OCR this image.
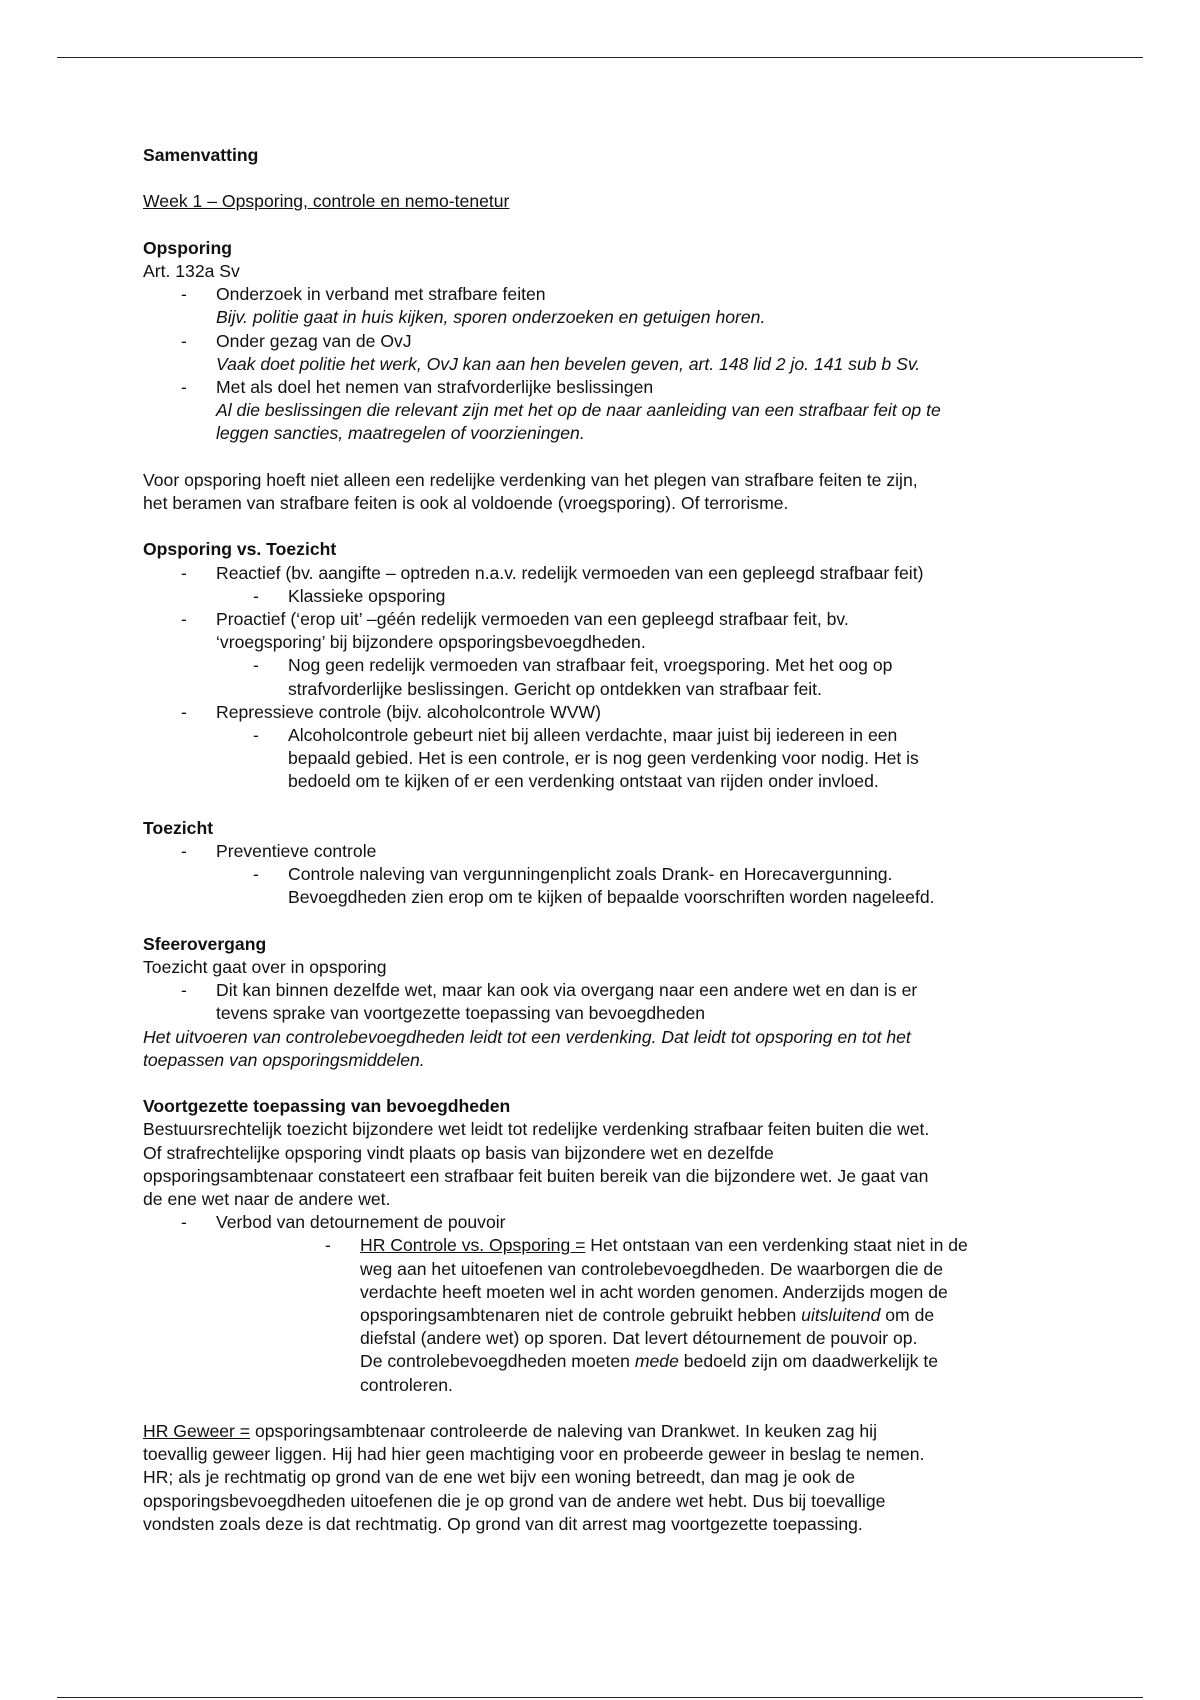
Samenvatting

Week 1 – Opsporing, controle en nemo-tenetur

Opsporing

Art. 132a Sv

- Onderzoek in verband met strafbare feiten

Bijv. politie gaat in huis kijken, sporen onderzoeken en getuigen horen.

- Onder gezag van de OvJ

Vaak doet politie het werk, OvJ kan aan hen bevelen geven, art. 148 lid 2 jo. 141 sub b Sv.

- Met als doel het nemen van strafvorderlijke beslissingen

Al die beslissingen die relevant zijn met het op de naar aanleiding van een strafbaar feit op te

leggen sancties, maatregelen of voorzieningen.

Voor opsporing hoeft niet alleen een redelijke verdenking van het plegen van strafbare feiten te zijn,

het beramen van strafbare feiten is ook al voldoende (vroegsporing). Of terrorisme.

Opsporing vs. Toezicht

- Reactief (bv. aangifte – optreden n.a.v. redelijk vermoeden van een gepleegd strafbaar feit)

- Klassieke opsporing

- Proactief (‘erop uit’ –géén redelijk vermoeden van een gepleegd strafbaar feit, bv.

‘vroegsporing’ bij bijzondere opsporingsbevoegdheden.

- Nog geen redelijk vermoeden van strafbaar feit, vroegsporing. Met het oog op

strafvorderlijke beslissingen. Gericht op ontdekken van strafbaar feit.

- Repressieve controle (bijv. alcoholcontrole WVW)

- Alcoholcontrole gebeurt niet bij alleen verdachte, maar juist bij iedereen in een

bepaald gebied. Het is een controle, er is nog geen verdenking voor nodig. Het is

bedoeld om te kijken of er een verdenking ontstaat van rijden onder invloed.

Toezicht

- Preventieve controle

- Controle naleving van vergunningenplicht zoals Drank- en Horecavergunning.

Bevoegdheden zien erop om te kijken of bepaalde voorschriften worden nageleefd.

Sfeerovergang

Toezicht gaat over in opsporing

- Dit kan binnen dezelfde wet, maar kan ook via overgang naar een andere wet en dan is er

tevens sprake van voortgezette toepassing van bevoegdheden

Het uitvoeren van controlebevoegdheden leidt tot een verdenking. Dat leidt tot opsporing en tot het

toepassen van opsporingsmiddelen.

Voortgezette toepassing van bevoegdheden

Bestuursrechtelijk toezicht bijzondere wet leidt tot redelijke verdenking strafbaar feiten buiten die wet.

Of strafrechtelijke opsporing vindt plaats op basis van bijzondere wet en dezelfde

opsporingsambtenaar constateert een strafbaar feit buiten bereik van die bijzondere wet. Je gaat van

de ene wet naar de andere wet.

- Verbod van detournement de pouvoir

- HR Controle vs. Opsporing = Het ontstaan van een verdenking staat niet in de

weg aan het uitoefenen van controlebevoegdheden. De waarborgen die de

verdachte heeft moeten wel in acht worden genomen. Anderzijds mogen de

opsporingsambtenaren niet de controle gebruikt hebben uitsluitend om de

diefstal (andere wet) op sporen. Dat levert détournement de pouvoir op.

De controlebevoegdheden moeten mede bedoeld zijn om daadwerkelijk te

controleren.

HR Geweer = opsporingsambtenaar controleerde de naleving van Drankwet. In keuken zag hij

toevallig geweer liggen. Hij had hier geen machtiging voor en probeerde geweer in beslag te nemen.

HR; als je rechtmatig op grond van de ene wet bijv een woning betreedt, dan mag je ook de

opsporingsbevoegdheden uitoefenen die je op grond van de andere wet hebt. Dus bij toevallige

vondsten zoals deze is dat rechtmatig. Op grond van dit arrest mag voortgezette toepassing.
